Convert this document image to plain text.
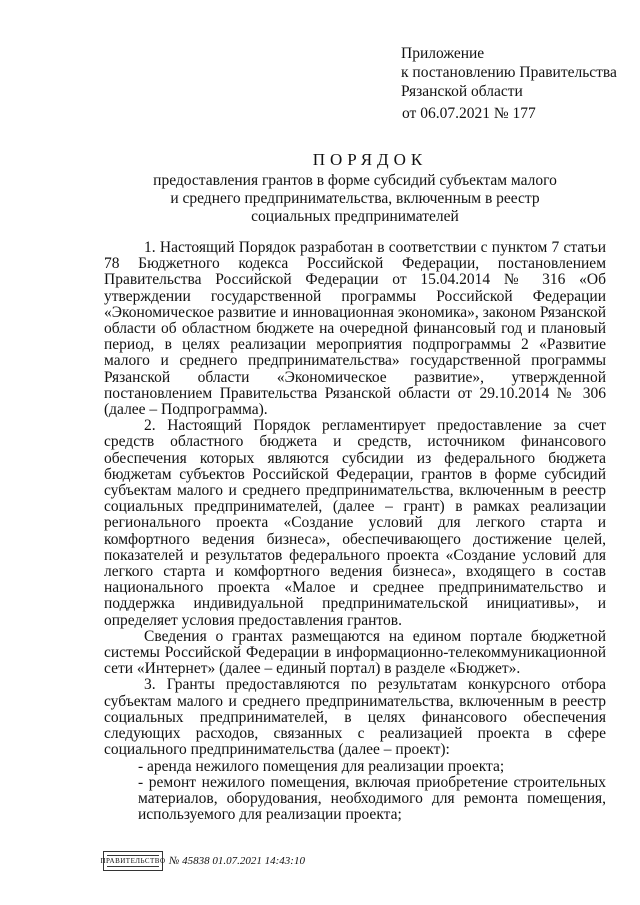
Приложение
к постановлению Правительства
Рязанской области
от 06.07.2021 № 177
ПОРЯДОК
предоставления грантов в форме субсидий субъектам малого и среднего предпринимательства, включенным в реестр социальных предпринимателей

1. Настоящий Порядок разработан в соответствии с пунктом 7 статьи 78 Бюджетного кодекса Российской Федерации, постановлением Правительства Российской Федерации от 15.04.2014 № 316 «Об утверждении государственной программы Российской Федерации «Экономическое развитие и инновационная экономика», законом Рязанской области об областном бюджете на очередной финансовый год и плановый период, в целях реализации мероприятия подпрограммы 2 «Развитие малого и среднего предпринимательства» государственной программы Рязанской области «Экономическое развитие», утвержденной постановлением Правительства Рязанской области от 29.10.2014 № 306 (далее – Подпрограмма).

2. Настоящий Порядок регламентирует предоставление за счет средств областного бюджета и средств, источником финансового обеспечения которых являются субсидии из федерального бюджета бюджетам субъектов Российской Федерации, грантов в форме субсидий субъектам малого и среднего предпринимательства, включенным в реестр социальных предпринимателей, (далее – грант) в рамках реализации регионального проекта «Создание условий для легкого старта и комфортного ведения бизнеса», обеспечивающего достижение целей, показателей и результатов федерального проекта «Создание условий для легкого старта и комфортного ведения бизнеса», входящего в состав национального проекта «Малое и среднее предпринимательство и поддержка индивидуальной предпринимательской инициативы», и определяет условия предоставления грантов.

Сведения о грантах размещаются на едином портале бюджетной системы Российской Федерации в информационно-телекоммуникационной сети «Интернет» (далее – единый портал) в разделе «Бюджет».

3. Гранты предоставляются по результатам конкурсного отбора субъектам малого и среднего предпринимательства, включенным в реестр социальных предпринимателей, в целях финансового обеспечения следующих расходов, связанных с реализацией проекта в сфере социального предпринимательства (далее – проект):

- аренда нежилого помещения для реализации проекта;

- ремонт нежилого помещения, включая приобретение строительных материалов, оборудования, необходимого для ремонта помещения, используемого для реализации проекта;

ПРАВИТЕЛЬСТВО № 45838 01.07.2021 14:43:10
